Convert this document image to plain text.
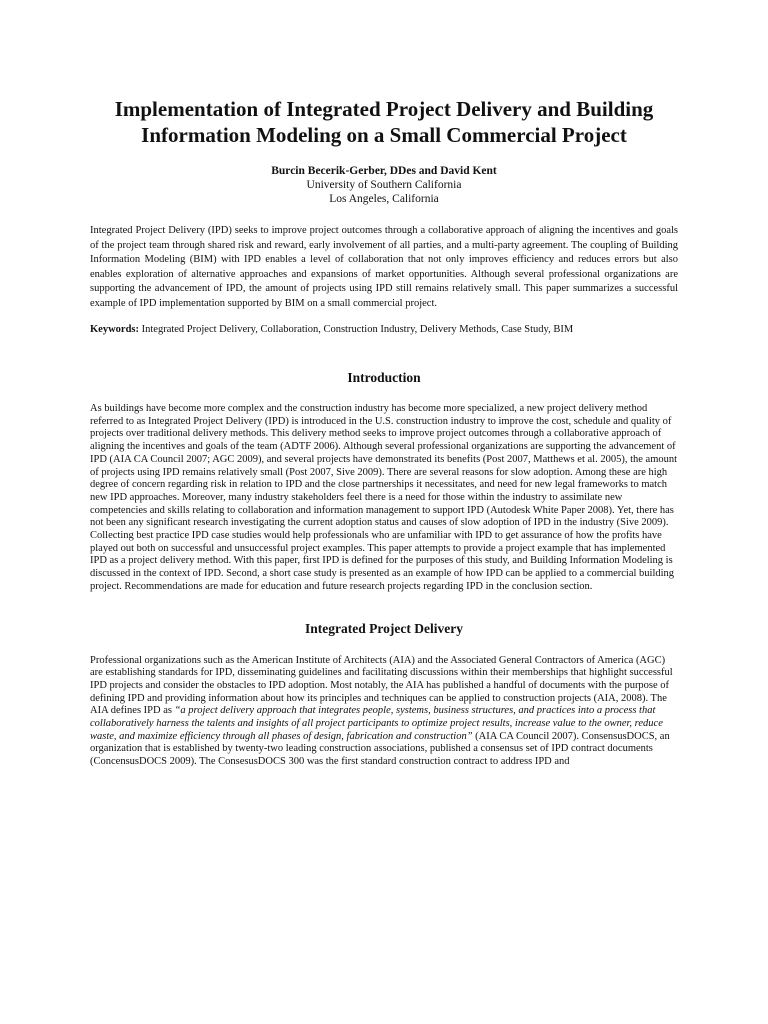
Implementation of Integrated Project Delivery and Building Information Modeling on a Small Commercial Project
Burcin Becerik-Gerber, DDes and David Kent
University of Southern California
Los Angeles, California

Integrated Project Delivery (IPD) seeks to improve project outcomes through a collaborative approach of aligning the incentives and goals of the project team through shared risk and reward, early involvement of all parties, and a multi-party agreement. The coupling of Building Information Modeling (BIM) with IPD enables a level of collaboration that not only improves efficiency and reduces errors but also enables exploration of alternative approaches and expansions of market opportunities. Although several professional organizations are supporting the advancement of IPD, the amount of projects using IPD still remains relatively small. This paper summarizes a successful example of IPD implementation supported by BIM on a small commercial project.

Keywords: Integrated Project Delivery, Collaboration, Construction Industry, Delivery Methods, Case Study, BIM

Introduction

As buildings have become more complex and the construction industry has become more specialized, a new project delivery method referred to as Integrated Project Delivery (IPD) is introduced in the U.S. construction industry to improve the cost, schedule and quality of projects over traditional delivery methods. This delivery method seeks to improve project outcomes through a collaborative approach of aligning the incentives and goals of the team (ADTF 2006). Although several professional organizations are supporting the advancement of IPD (AIA CA Council 2007; AGC 2009), and several projects have demonstrated its benefits (Post 2007, Matthews et al. 2005), the amount of projects using IPD remains relatively small (Post 2007, Sive 2009). There are several reasons for slow adoption. Among these are high degree of concern regarding risk in relation to IPD and the close partnerships it necessitates, and need for new legal frameworks to match new IPD approaches. Moreover, many industry stakeholders feel there is a need for those within the industry to assimilate new competencies and skills relating to collaboration and information management to support IPD (Autodesk White Paper 2008). Yet, there has not been any significant research investigating the current adoption status and causes of slow adoption of IPD in the industry (Sive 2009). Collecting best practice IPD case studies would help professionals who are unfamiliar with IPD to get assurance of how the profits have played out both on successful and unsuccessful project examples. This paper attempts to provide a project example that has implemented IPD as a project delivery method. With this paper, first IPD is defined for the purposes of this study, and Building Information Modeling is discussed in the context of IPD. Second, a short case study is presented as an example of how IPD can be applied to a commercial building project. Recommendations are made for education and future research projects regarding IPD in the conclusion section.

Integrated Project Delivery

Professional organizations such as the American Institute of Architects (AIA) and the Associated General Contractors of America (AGC) are establishing standards for IPD, disseminating guidelines and facilitating discussions within their memberships that highlight successful IPD projects and consider the obstacles to IPD adoption. Most notably, the AIA has published a handful of documents with the purpose of defining IPD and providing information about how its principles and techniques can be applied to construction projects (AIA, 2008). The AIA defines IPD as “a project delivery approach that integrates people, systems, business structures, and practices into a process that collaboratively harness the talents and insights of all project participants to optimize project results, increase value to the owner, reduce waste, and maximize efficiency through all phases of design, fabrication and construction” (AIA CA Council 2007). ConsensusDOCS, an organization that is established by twenty-two leading construction associations, published a consensus set of IPD contract documents (ConcensusDOCS 2009). The ConsesusDOCS 300 was the first standard construction contract to address IPD and
